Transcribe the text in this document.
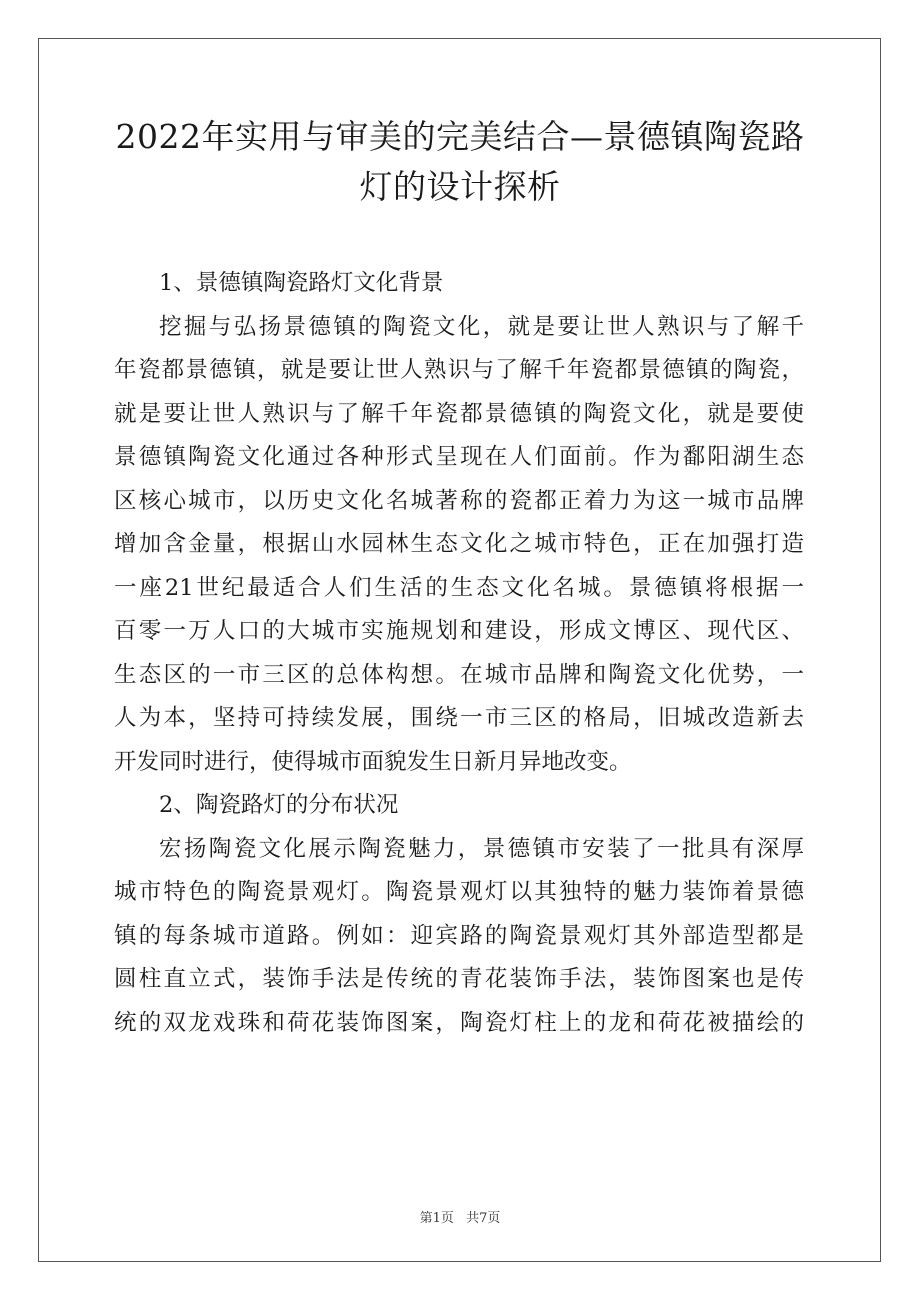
2022年实用与审美的完美结合—景德镇陶瓷路
灯的设计探析
1、景德镇陶瓷路灯文化背景
挖掘与弘扬景德镇的陶瓷文化，就是要让世人熟识与了解千
年瓷都景德镇，就是要让世人熟识与了解千年瓷都景德镇的陶瓷，
就是要让世人熟识与了解千年瓷都景德镇的陶瓷文化，就是要使
景德镇陶瓷文化通过各种形式呈现在人们面前。作为鄱阳湖生态
区核心城市，以历史文化名城著称的瓷都正着力为这一城市品牌
增加含金量，根据山水园林生态文化之城市特色，正在加强打造
一座21世纪最适合人们生活的生态文化名城。景德镇将根据一
百零一万人口的大城市实施规划和建设，形成文博区、现代区、
生态区的一市三区的总体构想。在城市品牌和陶瓷文化优势，一
人为本，坚持可持续发展，围绕一市三区的格局，旧城改造新去
开发同时进行，使得城市面貌发生日新月异地改变。
2、陶瓷路灯的分布状况
宏扬陶瓷文化展示陶瓷魅力，景德镇市安装了一批具有深厚
城市特色的陶瓷景观灯。陶瓷景观灯以其独特的魅力装饰着景德
镇的每条城市道路。例如：迎宾路的陶瓷景观灯其外部造型都是
圆柱直立式，装饰手法是传统的青花装饰手法，装饰图案也是传
统的双龙戏珠和荷花装饰图案，陶瓷灯柱上的龙和荷花被描绘的
第1页 共7页
